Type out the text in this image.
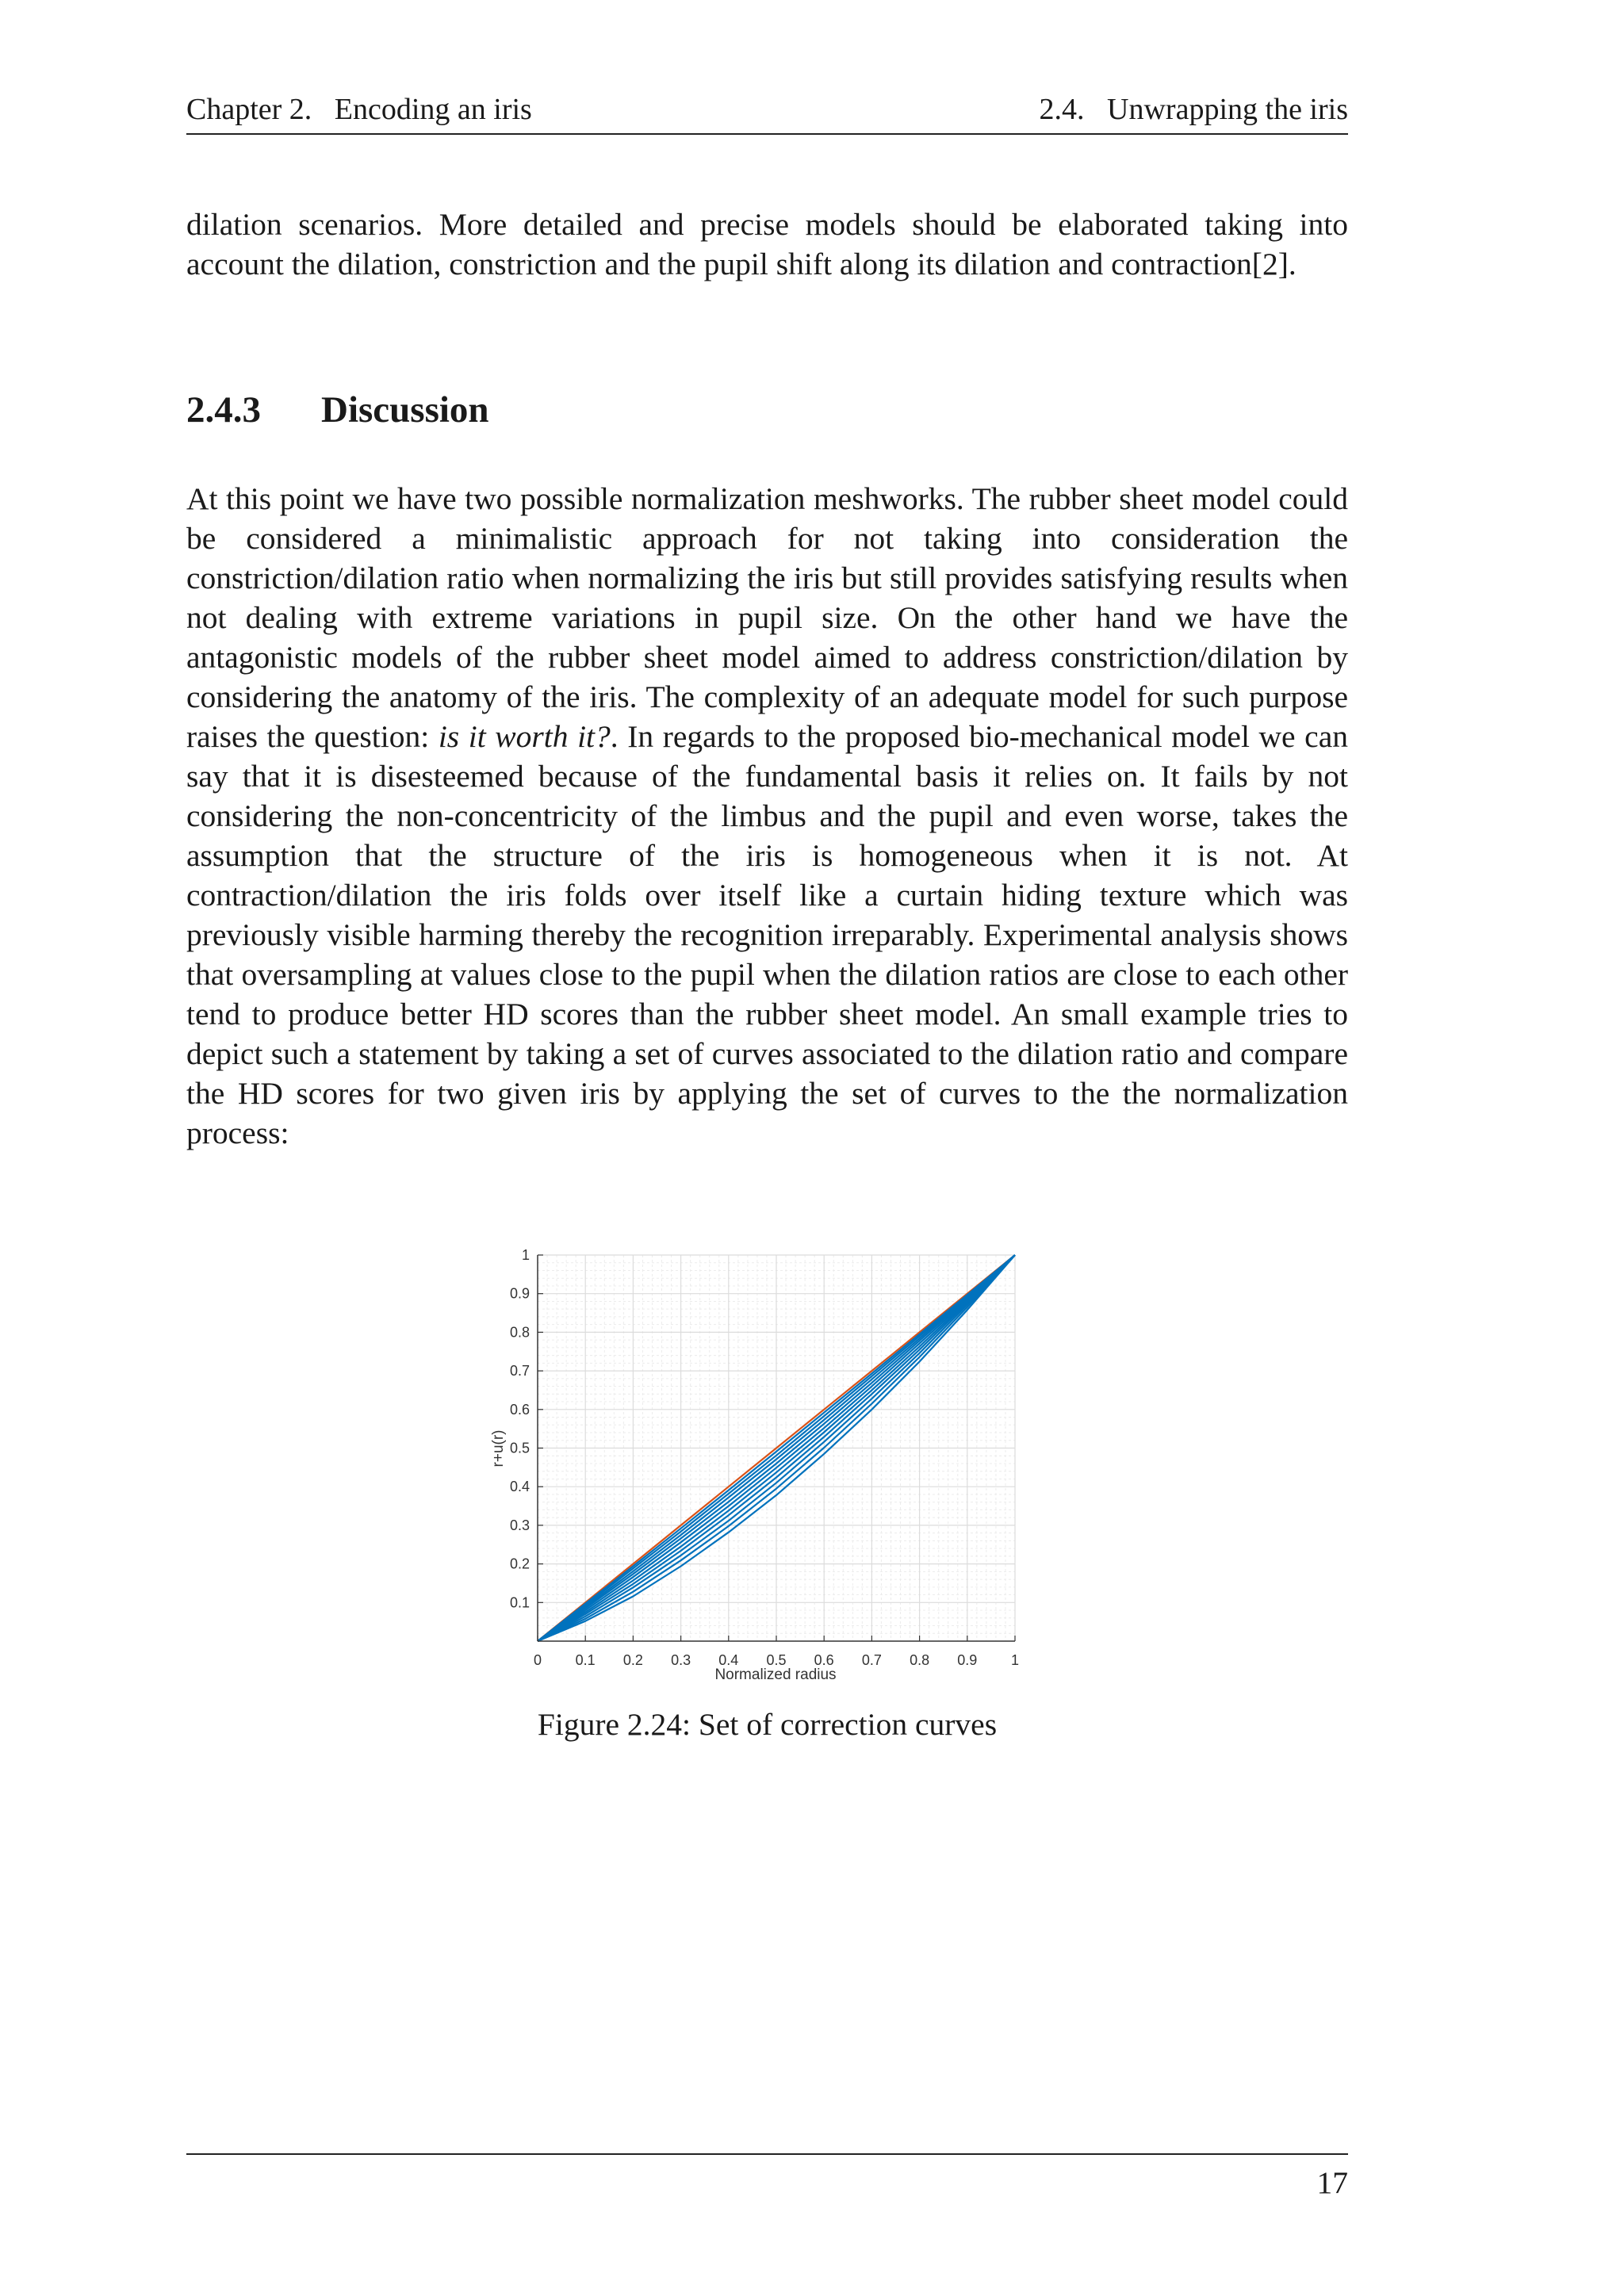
Chapter 2.   Encoding an iris	2.4.   Unwrapping the iris

dilation scenarios. More detailed and precise models should be elaborated taking into account the dilation, constriction and the pupil shift along its dilation and contraction[2].

2.4.3 Discussion

At this point we have two possible normalization meshworks. The rubber sheet model could be considered a minimalistic approach for not taking into consideration the constriction/dilation ratio when normalizing the iris but still provides satisfying results when not dealing with extreme variations in pupil size. On the other hand we have the antagonistic models of the rubber sheet model aimed to address constriction/dilation by considering the anatomy of the iris. The complexity of an adequate model for such purpose raises the question: is it worth it?. In regards to the proposed bio-mechanical model we can say that it is disesteemed because of the fundamental basis it relies on. It fails by not considering the non-concentricity of the limbus and the pupil and even worse, takes the assumption that the structure of the iris is homogeneous when it is not. At contraction/dilation the iris folds over itself like a curtain hiding texture which was previously visible harming thereby the recognition irreparably. Experimental analysis shows that oversampling at values close to the pupil when the dilation ratios are close to each other tend to produce better HD scores than the rubber sheet model. An small example tries to depict such a statement by taking a set of curves associated to the dilation ratio and compare the HD scores for two given iris by applying the set of curves to the the normalization process:

0 0.1 0.2 0.3 0.4 0.5 0.6 0.7 0.8 0.9 1
0.1
0.2
0.3
0.4
0.5
0.6
0.7
0.8
0.9
1
Normalized radius
r+u(r)
Figure 2.24: Set of correction curves
17
